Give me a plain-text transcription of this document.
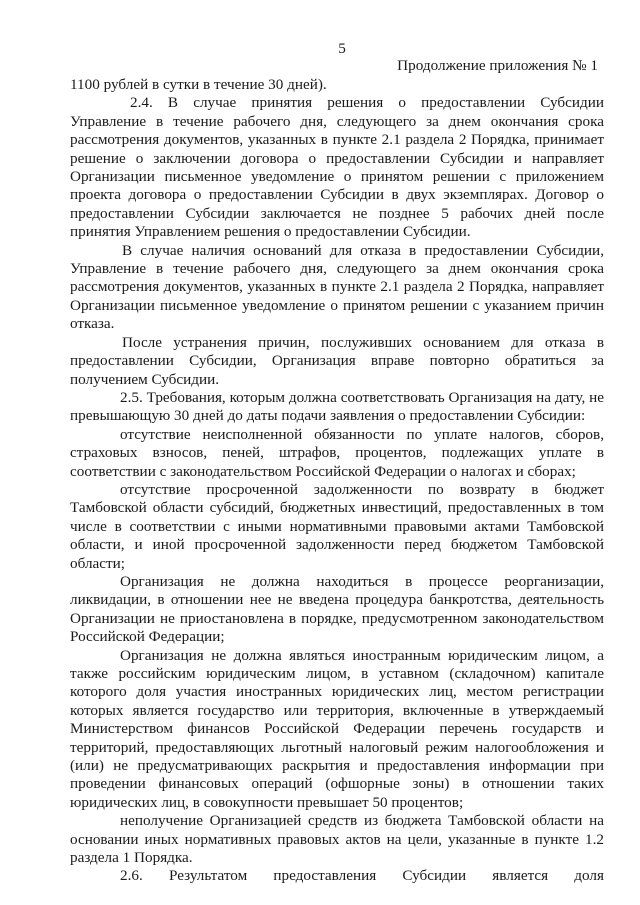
5
Продолжение приложения № 1

1100 рублей в сутки в течение 30 дней).

2.4. В случае принятия решения о предоставлении Субсидии Управление в течение рабочего дня, следующего за днем окончания срока рассмотрения документов, указанных в пункте 2.1 раздела 2 Порядка, принимает решение о заключении договора о предоставлении Субсидии и направляет Организации письменное уведомление о принятом решении с приложением проекта договора о предоставлении Субсидии в двух экземплярах. Договор о предоставлении Субсидии заключается не позднее 5 рабочих дней после принятия Управлением решения о предоставлении Субсидии.

В случае наличия оснований для отказа в предоставлении Субсидии, Управление в течение рабочего дня, следующего за днем окончания срока рассмотрения документов, указанных в пункте 2.1 раздела 2 Порядка, направляет Организации письменное уведомление о принятом решении с указанием причин отказа.

После устранения причин, послуживших основанием для отказа в предоставлении Субсидии, Организация вправе повторно обратиться за получением Субсидии.

2.5. Требования, которым должна соответствовать Организация на дату, не превышающую 30 дней до даты подачи заявления о предоставлении Субсидии:

отсутствие неисполненной обязанности по уплате налогов, сборов, страховых взносов, пеней, штрафов, процентов, подлежащих уплате в соответствии с законодательством Российской Федерации о налогах и сборах;

отсутствие просроченной задолженности по возврату в бюджет Тамбовской области субсидий, бюджетных инвестиций, предоставленных в том числе в соответствии с иными нормативными правовыми актами Тамбовской области, и иной просроченной задолженности перед бюджетом Тамбовской области;

Организация не должна находиться в процессе реорганизации, ликвидации, в отношении нее не введена процедура банкротства, деятельность Организации не приостановлена в порядке, предусмотренном законодательством Российской Федерации;

Организация не должна являться иностранным юридическим лицом, а также российским юридическим лицом, в уставном (складочном) капитале которого доля участия иностранных юридических лиц, местом регистрации которых является государство или территория, включенные в утверждаемый Министерством финансов Российской Федерации перечень государств и территорий, предоставляющих льготный налоговый режим налогообложения и (или) не предусматривающих раскрытия и предоставления информации при проведении финансовых операций (офшорные зоны) в отношении таких юридических лиц, в совокупности превышает 50 процентов;

неполучение Организацией средств из бюджета Тамбовской области на основании иных нормативных правовых актов на цели, указанные в пункте 1.2 раздела 1 Порядка.

2.6. Результатом предоставления Субсидии является доля
